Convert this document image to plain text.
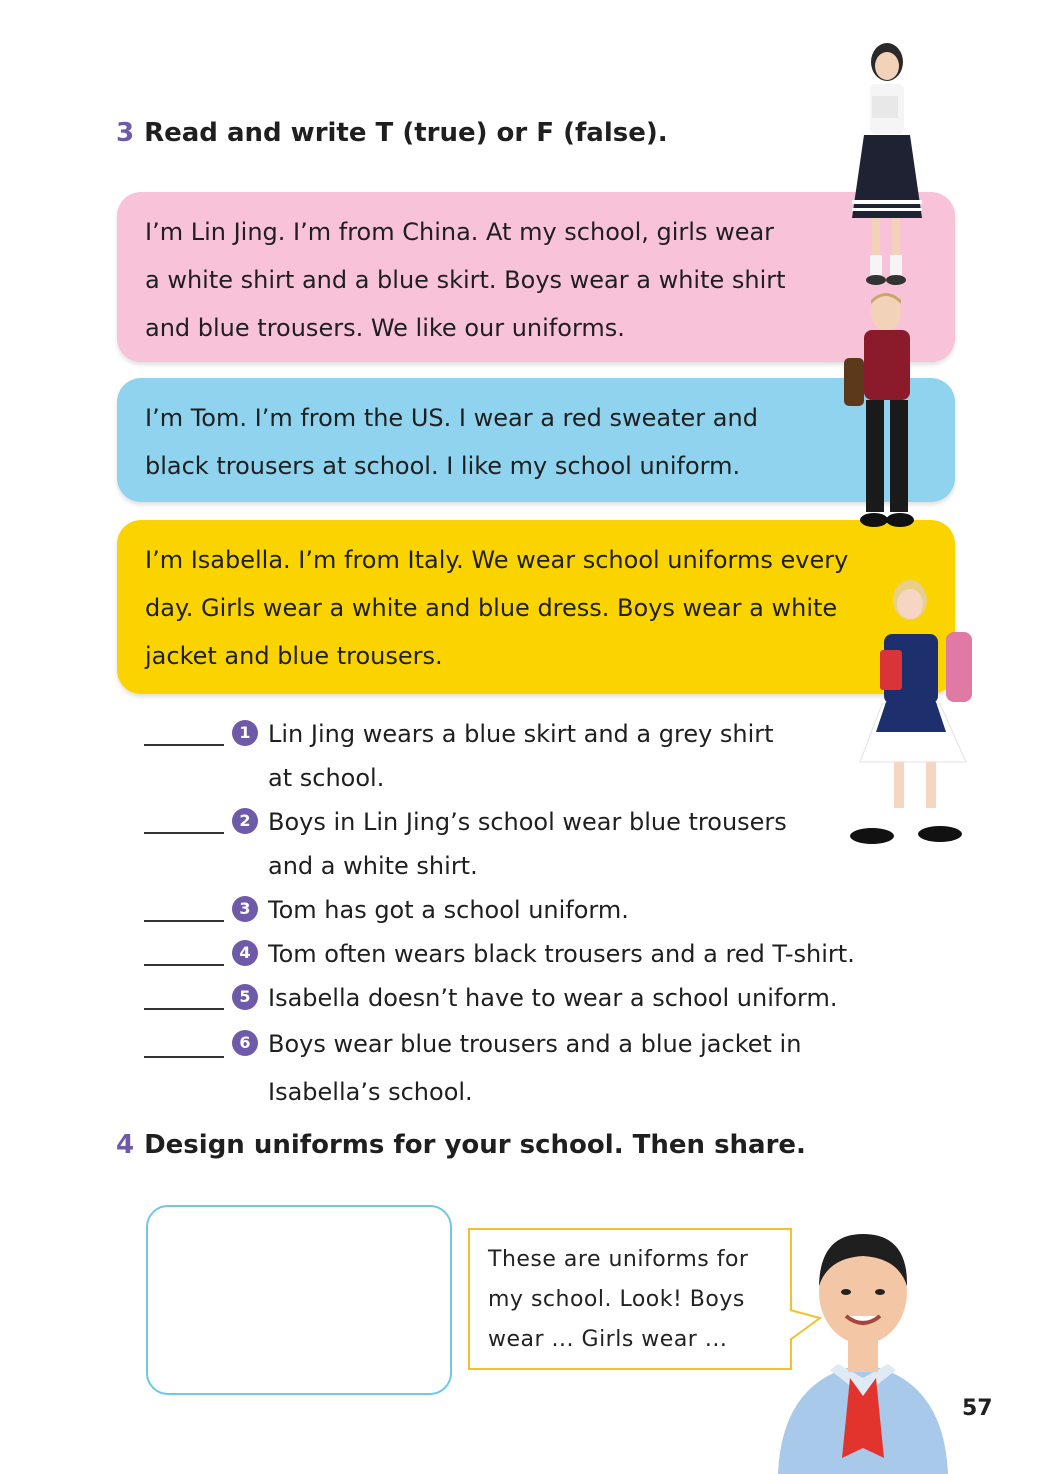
3 Read and write T (true) or F (false).

I’m Lin Jing. I’m from China. At my school, girls wear

a white shirt and a blue skirt. Boys wear a white shirt

and blue trousers. We like our uniforms.

I’m Tom. I’m from the US. I wear a red sweater and

black trousers at school. I like my school uniform.

I’m Isabella. I’m from Italy. We wear school uniforms every

day. Girls wear a white and blue dress. Boys wear a white

jacket and blue trousers.

1 Lin Jing wears a blue skirt and a grey shirt
at school.
2 Boys in Lin Jing’s school wear blue trousers
and a white shirt.
3 Tom has got a school uniform.
4 Tom often wears black trousers and a red T-shirt.
5 Isabella doesn’t have to wear a school uniform.
6 Boys wear blue trousers and a blue jacket in
Isabella’s school.
4 Design uniforms for your school. Then share.
These are uniforms for
my school. Look! Boys
wear ... Girls wear ...
57
